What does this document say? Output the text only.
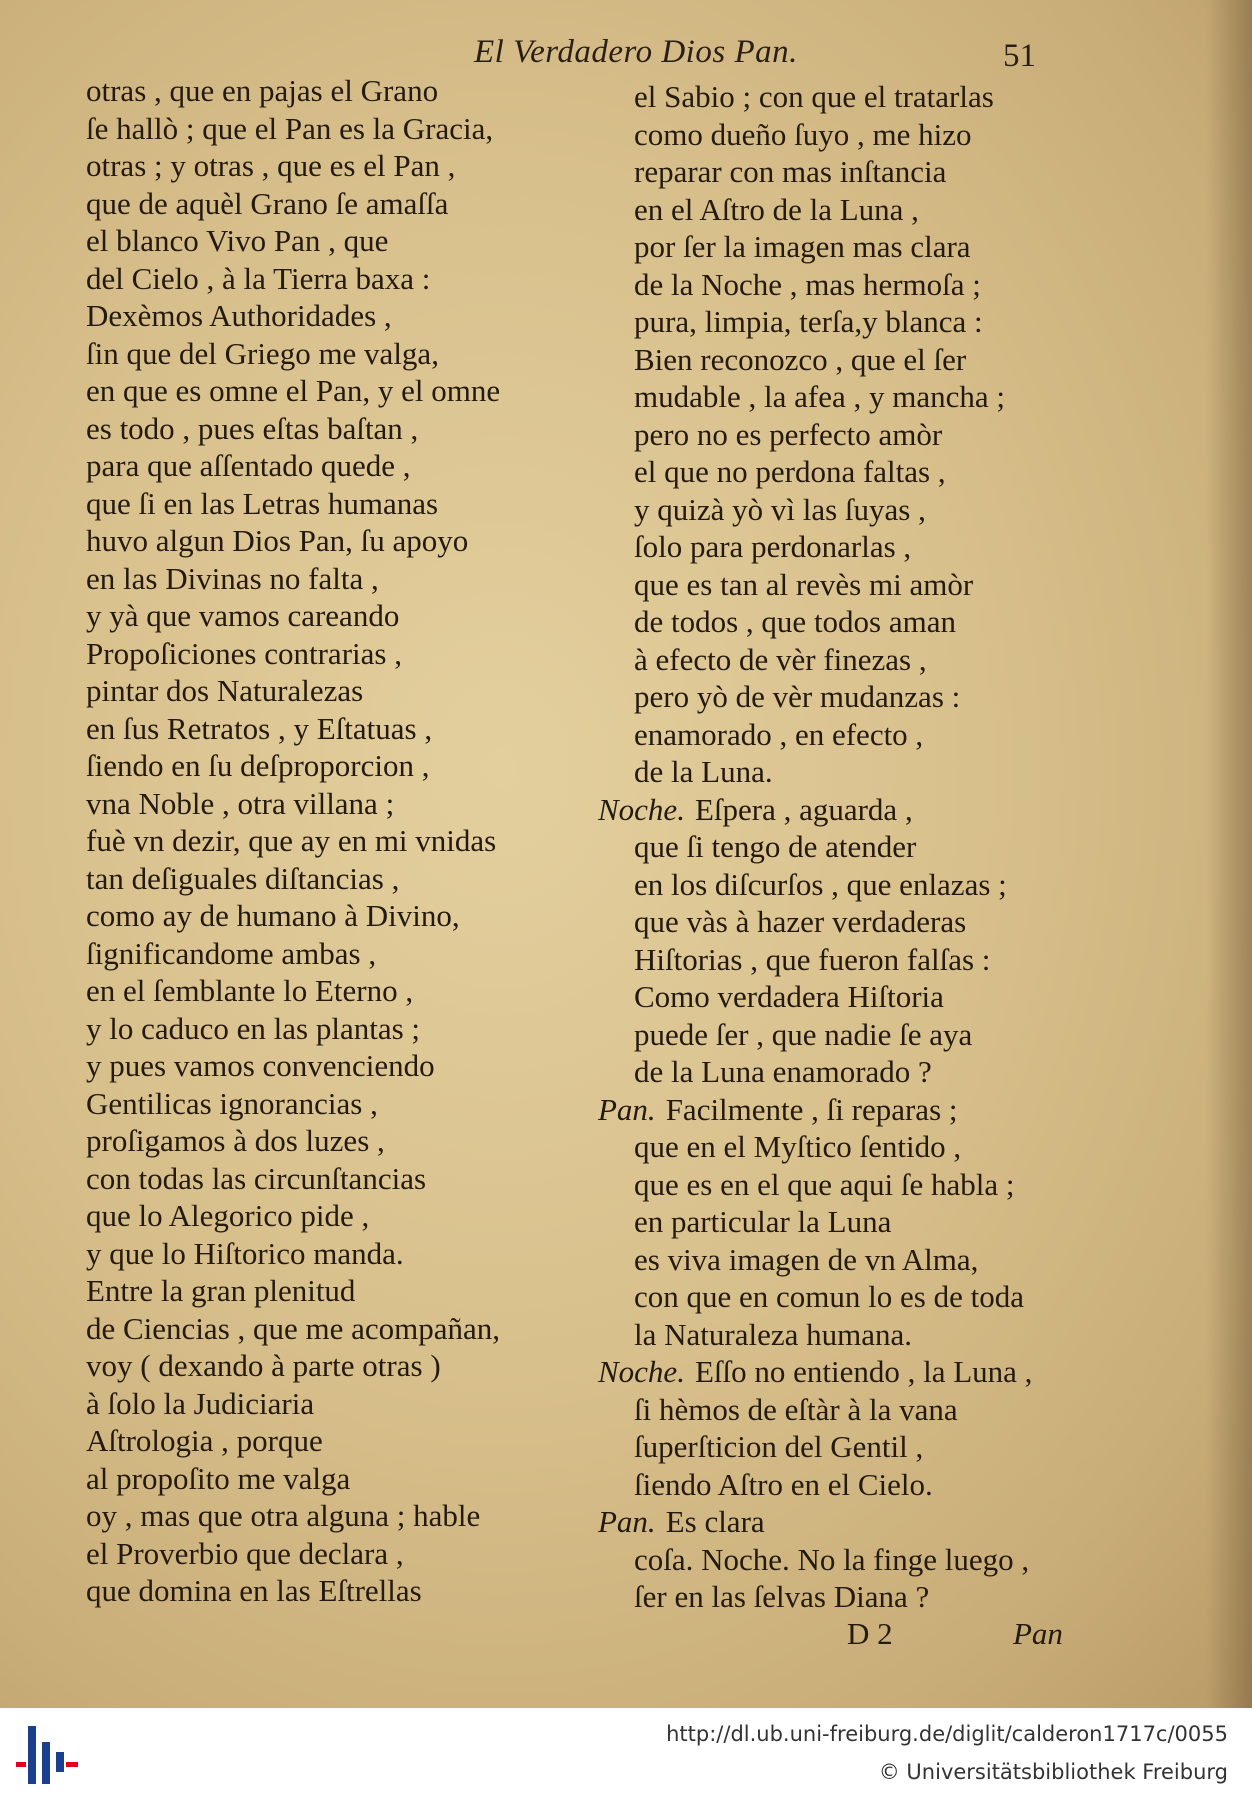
El Verdadero Dios Pan.	51
otras , que en pajas el Grano
ſe hallò ; que el Pan es la Gracia,
otras ; y otras , que es el Pan ,
que de aquèl Grano ſe amaſſa
el blanco Vivo Pan , que
del Cielo , à la Tierra baxa :
Dexèmos Authoridades ,
ſin que del Griego me valga,
en que es omne el Pan, y el omne
es todo , pues eſtas baſtan ,
para que aſſentado quede ,
que ſi en las Letras humanas
huvo algun Dios Pan, ſu apoyo
en las Divinas no falta ,
y yà que vamos careando
Propoſiciones contrarias ,
pintar dos Naturalezas
en ſus Retratos , y Eſtatuas ,
ſiendo en ſu deſproporcion ,
vna Noble , otra villana ;
fuè vn dezir, que ay en mi vnidas
tan deſiguales diſtancias ,
como ay de humano à Divino,
ſignificandome ambas ,
en el ſemblante lo Eterno ,
y lo caduco en las plantas ;
y pues vamos convenciendo
Gentilicas ignorancias ,
proſigamos à dos luzes ,
con todas las circunſtancias
que lo Alegorico pide ,
y que lo Hiſtorico manda.
Entre la gran plenitud
de Ciencias , que me acompañan,
voy ( dexando à parte otras )
à ſolo la Judiciaria
Aſtrologia , porque
al propoſito me valga
oy , mas que otra alguna ; hable
el Proverbio que declara ,
que domina en las Eſtrellas
el Sabio ; con que el tratarlas
como dueño ſuyo , me hizo
reparar con mas inſtancia
en el Aſtro de la Luna ,
por ſer la imagen mas clara
de la Noche , mas hermoſa ;
pura, limpia, terſa,y blanca :
Bien reconozco , que el ſer
mudable , la afea , y mancha ;
pero no es perfecto amòr
el que no perdona faltas ,
y quizà yò vì las ſuyas ,
ſolo para perdonarlas ,
que es tan al revès mi amòr
de todos , que todos aman
à efecto de vèr finezas ,
pero yò de vèr mudanzas :
enamorado , en efecto ,
de la Luna.
Noche. Eſpera , aguarda ,
que ſi tengo de atender
en los diſcurſos , que enlazas ;
que vàs à hazer verdaderas
Hiſtorias , que fueron falſas :
Como verdadera Hiſtoria
puede ſer , que nadie ſe aya
de la Luna enamorado ?
Pan. Facilmente , ſi reparas ;
que en el Myſtico ſentido ,
que es en el que aqui ſe habla ;
en particular la Luna
es viva imagen de vn Alma,
con que en comun lo es de toda
la Naturaleza humana.
Noche. Eſſo no entiendo , la Luna ,
ſi hèmos de eſtàr à la vana
ſuperſticion del Gentil ,
ſiendo Aſtro en el Cielo.
Pan. Es clara
coſa. Noche. No la finge luego ,
ſer en las ſelvas Diana ?
D 2	Pan
http://dl.ub.uni-freiburg.de/diglit/calderon1717c/0055
© Universitätsbibliothek Freiburg
